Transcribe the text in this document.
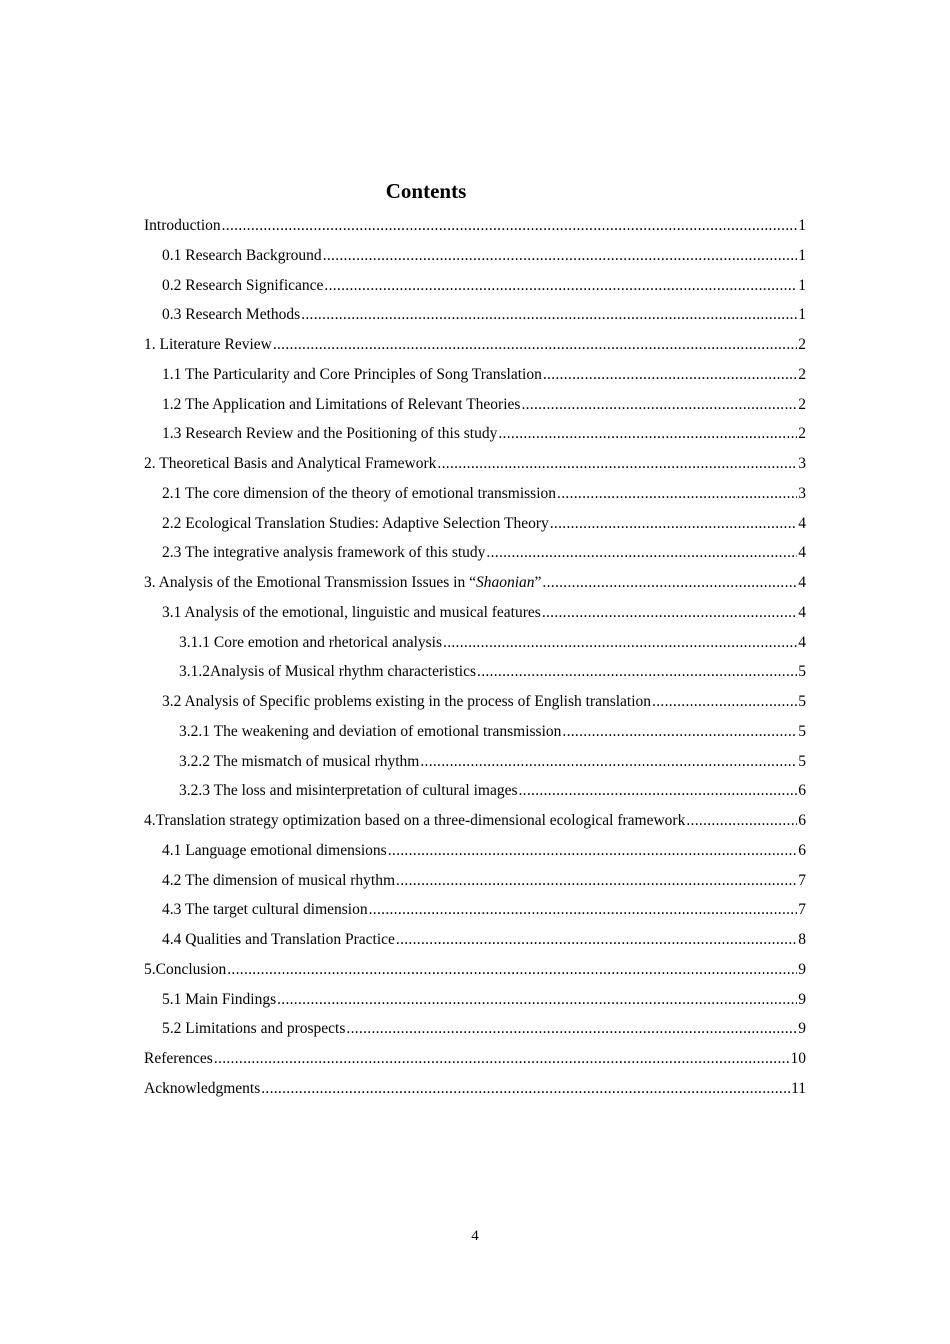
Contents
Introduction .....	1
0.1 Research Background .....	1
0.2 Research Significance .....	1
0.3 Research Methods .....	1
1. Literature Review .....	2
1.1 The Particularity and Core Principles of Song Translation .....	2
1.2 The Application and Limitations of Relevant Theories .....	2
1.3 Research Review and the Positioning of this study .....	2
2. Theoretical Basis and Analytical Framework .....	3
2.1 The core dimension of the theory of emotional transmission .....	3
2.2 Ecological Translation Studies: Adaptive Selection Theory .....	4
2.3 The integrative analysis framework of this study .....	4
3. Analysis of the Emotional Transmission Issues in “Shaonian” .....	4
3.1 Analysis of the emotional, linguistic and musical features .....	4
3.1.1 Core emotion and rhetorical analysis .....	4
3.1.2Analysis of Musical rhythm characteristics .....	5
3.2 Analysis of Specific problems existing in the process of English translation .....	5
3.2.1 The weakening and deviation of emotional transmission .....	5
3.2.2 The mismatch of musical rhythm .....	5
3.2.3 The loss and misinterpretation of cultural images .....	6
4.Translation strategy optimization based on a three-dimensional ecological framework .....	6
4.1 Language emotional dimensions .....	6
4.2 The dimension of musical rhythm .....	7
4.3 The target cultural dimension .....	7
4.4 Qualities and Translation Practice .....	8
5.Conclusion .....	9
5.1 Main Findings .....	9
5.2 Limitations and prospects .....	9
References .....	10
Acknowledgments .....	11
4
